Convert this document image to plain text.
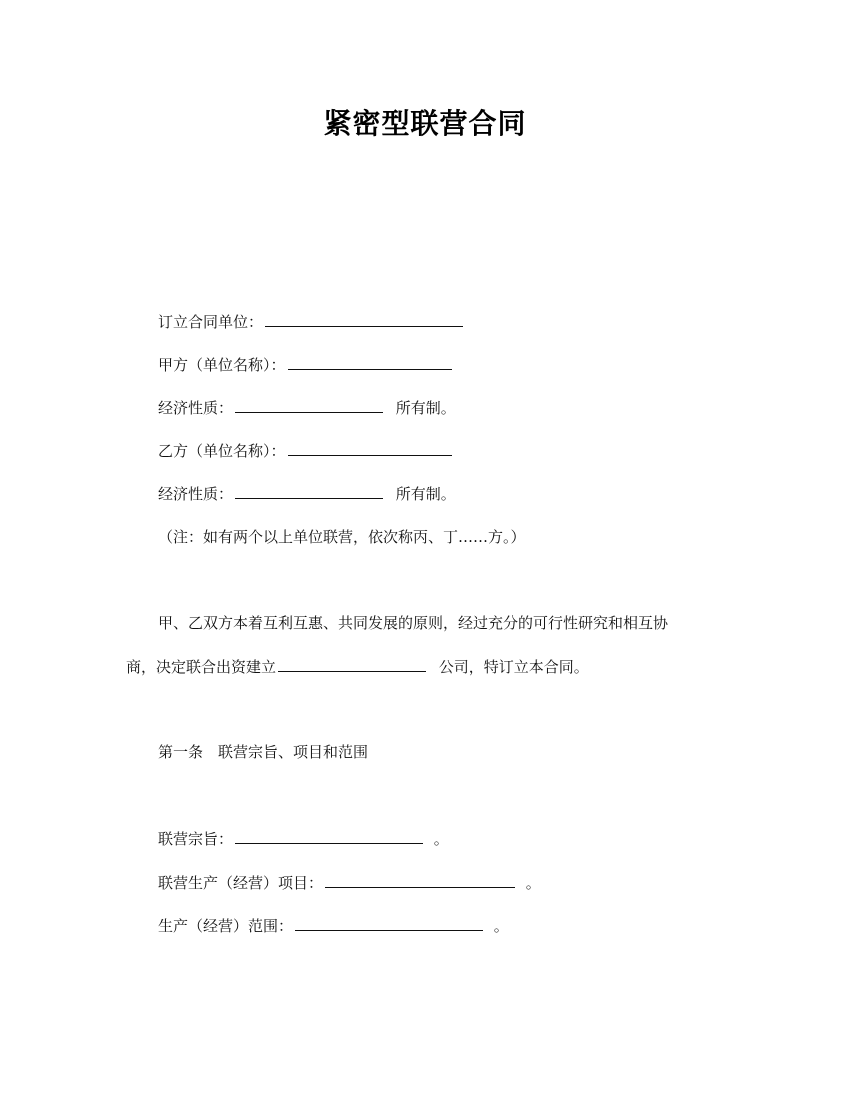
紧密型联营合同
订立合同单位：
甲方（单位名称）：
经济性质：	所有制。
乙方（单位名称）：
经济性质：	所有制。
（注：如有两个以上单位联营，依次称丙、丁……方。）
甲、乙双方本着互利互惠、共同发展的原则，经过充分的可行性研究和相互协
商，决定联合出资建立	公司，特订立本合同。
第一条　联营宗旨、项目和范围
联营宗旨：	。
联营生产（经营）项目：	。
生产（经营）范围：	。
